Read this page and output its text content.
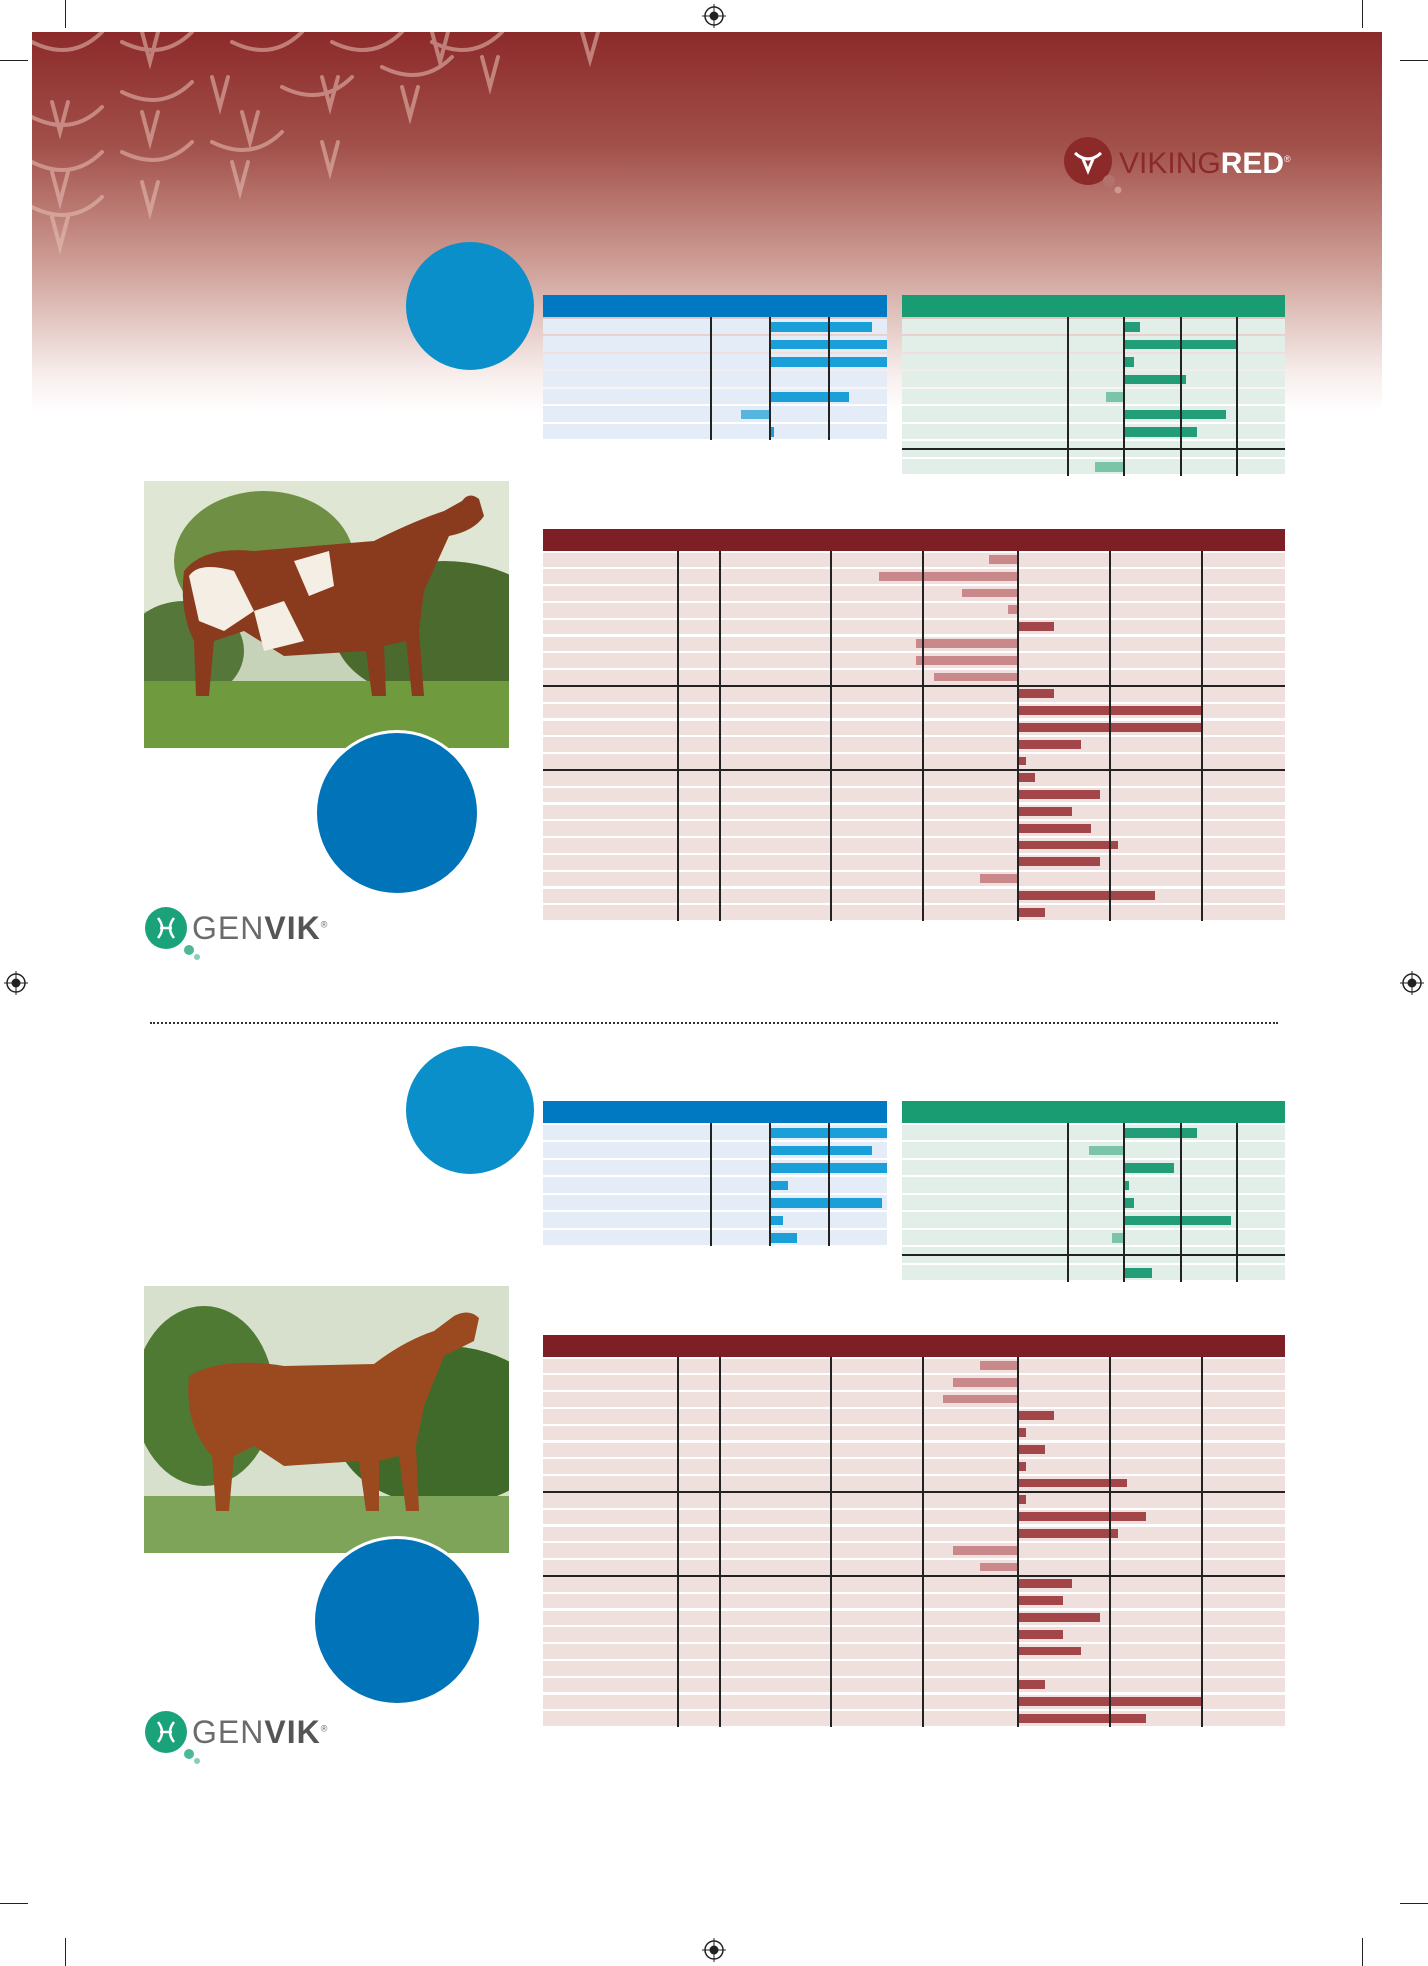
VIKINGRED®
GENVIK®
GENVIK®
